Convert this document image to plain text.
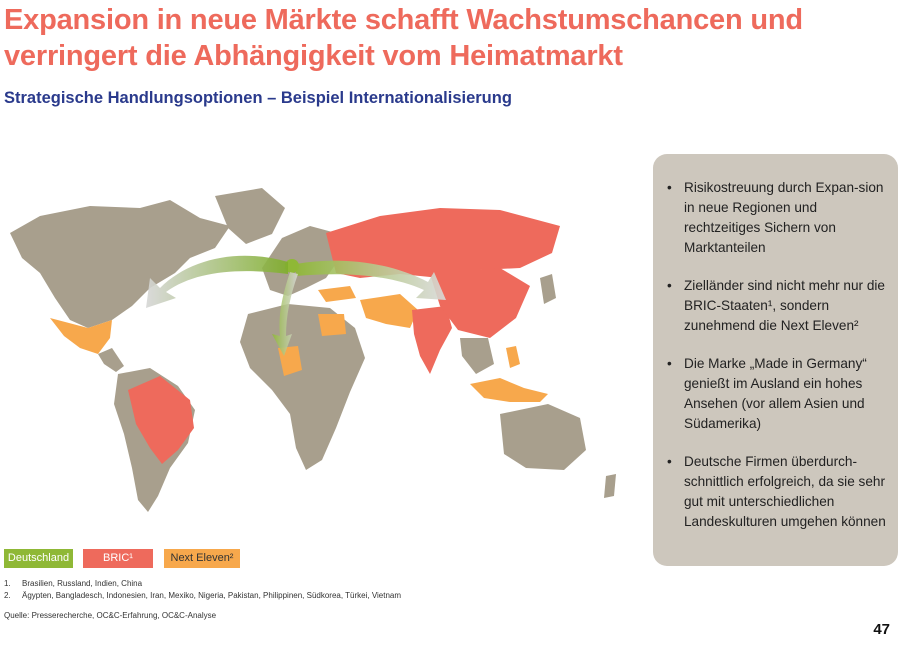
Expansion in neue Märkte schafft Wachstumschancen und
verringert die Abhängigkeit vom Heimatmarkt
Strategische Handlungsoptionen – Beispiel Internationalisierung
Deutschland	BRIC¹	Next Eleven²
1.	Brasilien, Russland, Indien, China
2.	Ägypten, Bangladesch, Indonesien, Iran, Mexiko, Nigeria, Pakistan, Philippinen, Südkorea, Türkei, Vietnam
Quelle: Presserecherche, OC&C-Erfahrung, OC&C-Analyse
• Risikostreuung durch Expan-sion in neue Regionen und rechtzeitiges Sichern von Marktanteilen
• Zielländer sind nicht mehr nur die BRIC-Staaten¹, sondern zunehmend die Next Eleven²
• Die Marke „Made in Germany“ genießt im Ausland ein hohes Ansehen (vor allem Asien und Südamerika)
• Deutsche Firmen überdurch-schnittlich erfolgreich, da sie sehr gut mit unterschiedlichen Landeskulturen umgehen können
47
